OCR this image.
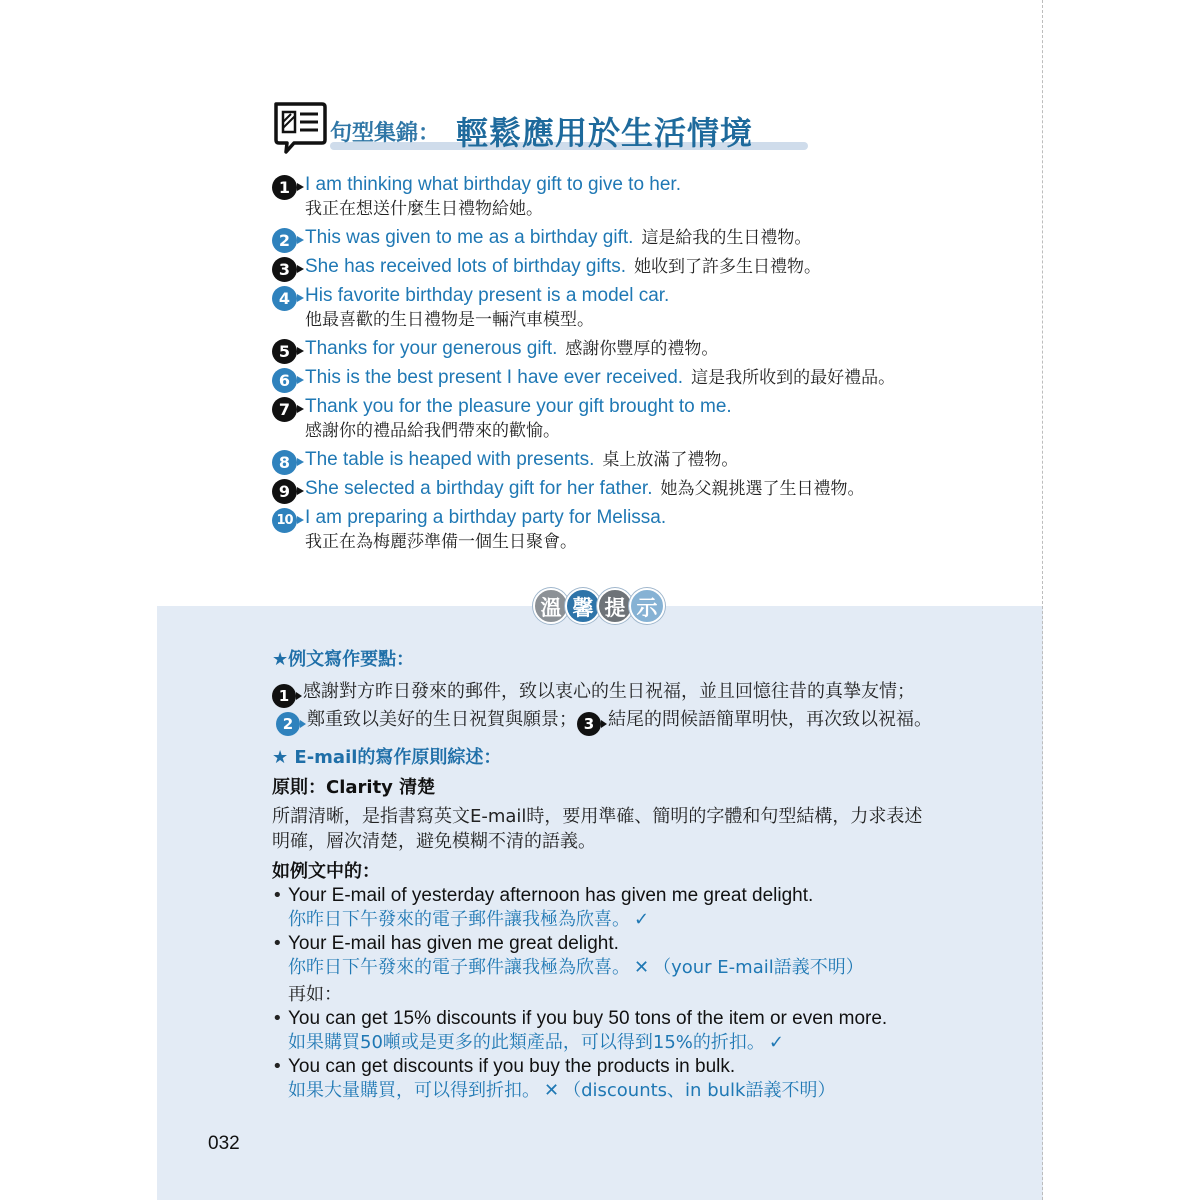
句型集錦： 輕鬆應用於生活情境
1 I am thinking what birthday gift to give to her.
我正在想送什麼生日禮物給她。
2 This was given to me as a birthday gift. 這是給我的生日禮物。
3 She has received lots of birthday gifts. 她收到了許多生日禮物。
4 His favorite birthday present is a model car.
他最喜歡的生日禮物是一輛汽車模型。
5 Thanks for your generous gift. 感謝你豐厚的禮物。
6 This is the best present I have ever received. 這是我所收到的最好禮品。
7 Thank you for the pleasure your gift brought to me.
感謝你的禮品給我們帶來的歡愉。
8 The table is heaped with presents. 桌上放滿了禮物。
9 She selected a birthday gift for her father. 她為父親挑選了生日禮物。
10 I am preparing a birthday party for Melissa.
我正在為梅麗莎準備一個生日聚會。
溫 馨 提 示
★例文寫作要點：
1 感謝對方昨日發來的郵件，致以衷心的生日祝福，並且回憶往昔的真摯友情；2 鄭重致以美好的生日祝賀與願景； 3 結尾的問候語簡單明快，再次致以祝福。
★ E-mail的寫作原則綜述：
原則：Clarity 清楚
所謂清晰，是指書寫英文E-mail時，要用準確、簡明的字體和句型結構，力求表述明確，層次清楚，避免模糊不清的語義。
如例文中的：
• Your E-mail of yesterday afternoon has given me great delight.
你昨日下午發來的電子郵件讓我極為欣喜。 ✓
• Your E-mail has given me great delight.
你昨日下午發來的電子郵件讓我極為欣喜。 ✕ （your E-mail語義不明）
再如：
• You can get 15% discounts if you buy 50 tons of the item or even more.
如果購買50噸或是更多的此類產品，可以得到15%的折扣。 ✓
• You can get discounts if you buy the products in bulk.
如果大量購買，可以得到折扣。 ✕ （discounts、in bulk語義不明）
032
